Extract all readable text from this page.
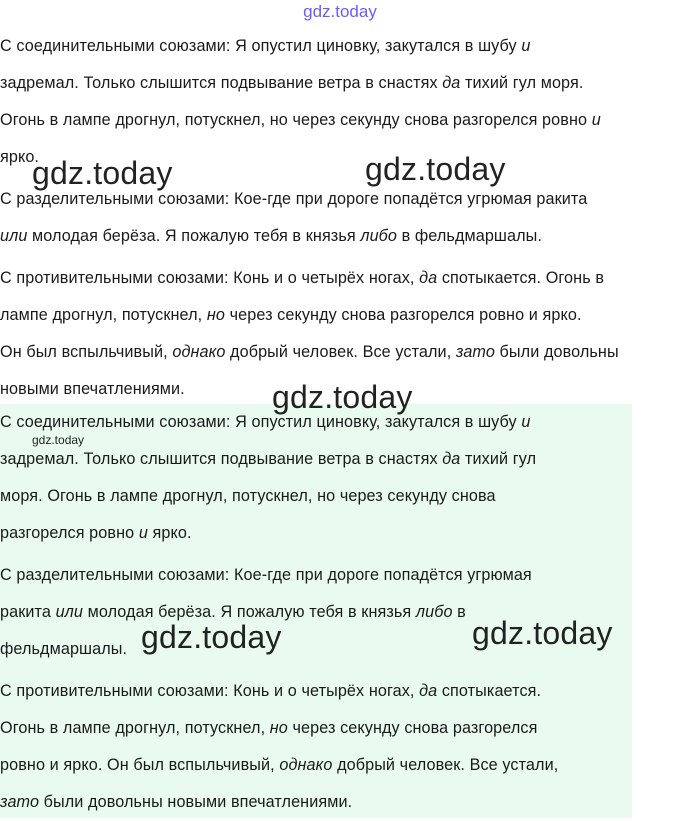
gdz.today

С соединительными союзами: Я опустил циновку, закутался в шубу и
задремал. Только слышится подвывание ветра в снастях да тихий гул моря.
Огонь в лампе дрогнул, потускнел, но через секунду снова разгорелся ровно и
ярко.

С разделительными союзами: Кое-где при дороге попадётся угрюмая ракита
или молодая берёза. Я пожалую тебя в князья либо в фельдмаршалы.

С противительными союзами: Конь и о четырёх ногах, да спотыкается. Огонь в
лампе дрогнул, потускнел, но через секунду снова разгорелся ровно и ярко.
Он был вспыльчивый, однако добрый человек. Все устали, зато были довольны
новыми впечатлениями.

С соединительными союзами: Я опустил циновку, закутался в шубу и
задремал. Только слышится подвывание ветра в снастях да тихий гул
моря. Огонь в лампе дрогнул, потускнел, но через секунду снова
разгорелся ровно и ярко.

С разделительными союзами: Кое-где при дороге попадётся угрюмая
ракита или молодая берёза. Я пожалую тебя в князья либо в
фельдмаршалы.

С противительными союзами: Конь и о четырёх ногах, да спотыкается.
Огонь в лампе дрогнул, потускнел, но через секунду снова разгорелся
ровно и ярко. Он был вспыльчивый, однако добрый человек. Все устали,
зато были довольны новыми впечатлениями.

gdz.today	gdz.today
gdz.today
gdz.today
gdz.today	gdz.today
